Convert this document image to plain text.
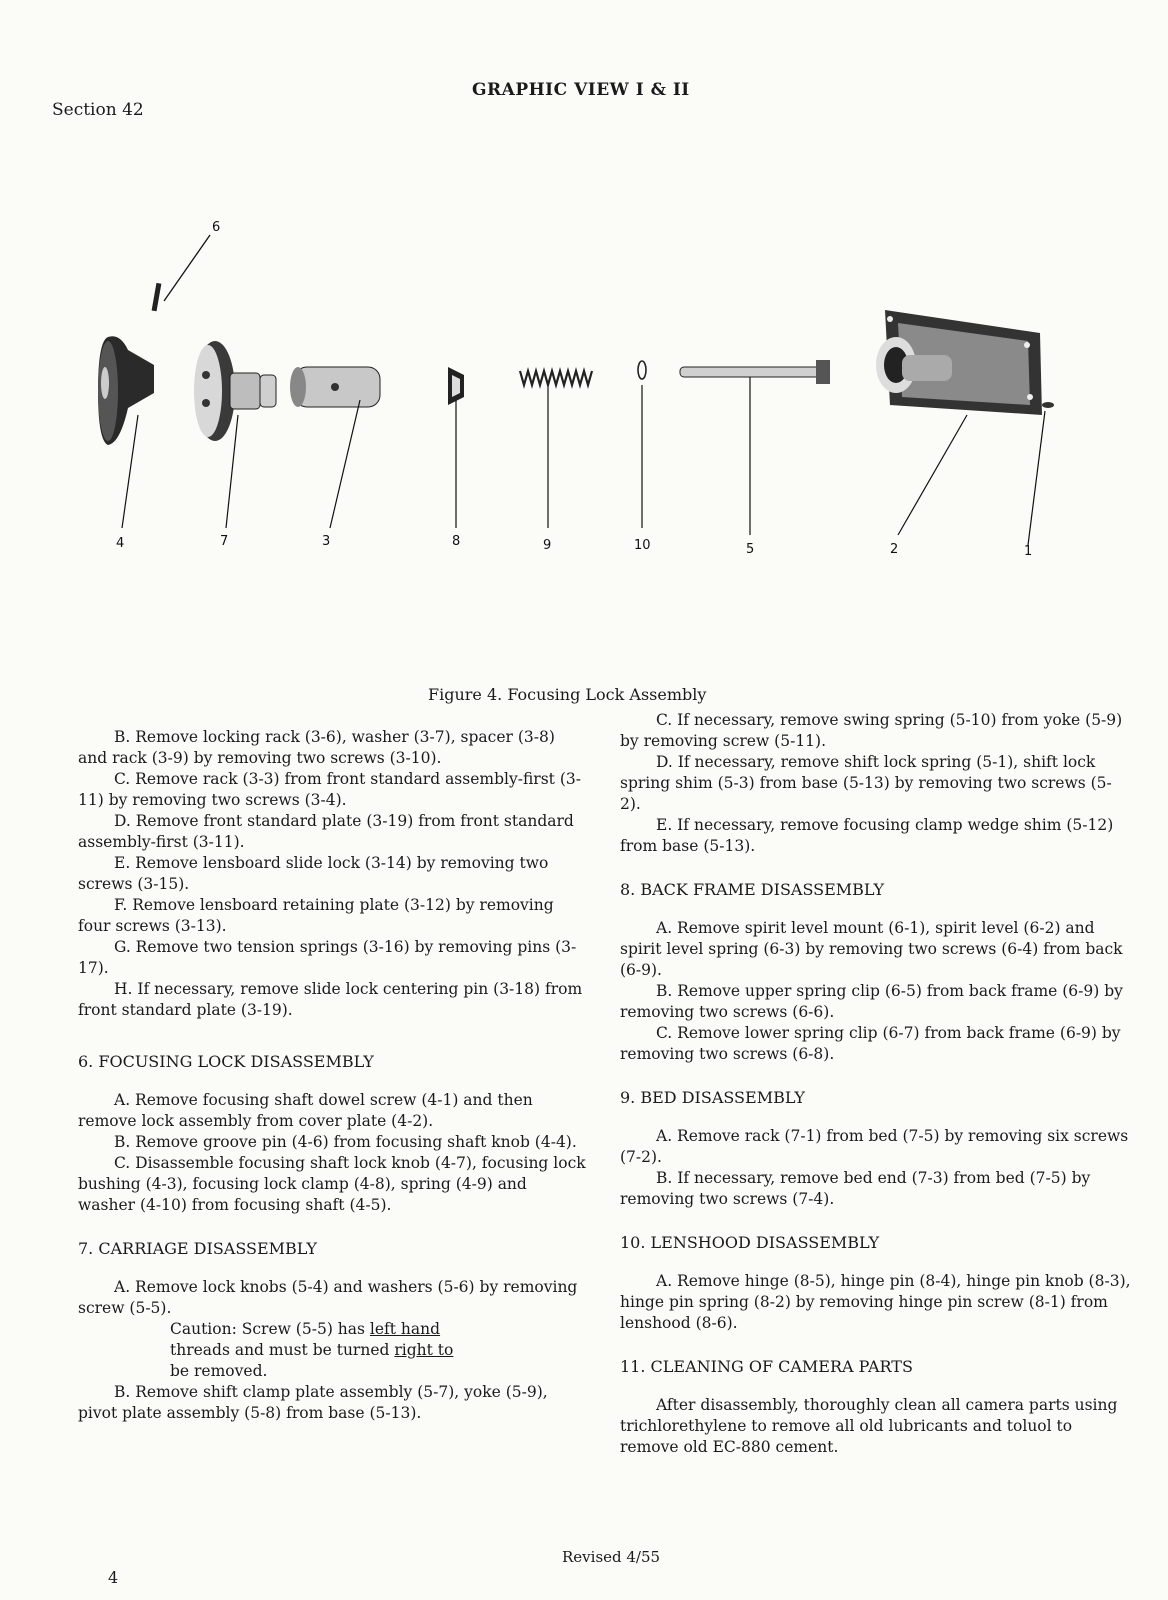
Section 42
GRAPHIC VIEW I & II
6
4	7	3	8	9	10	5	2	1
Figure 4. Focusing Lock Assembly

B. Remove locking rack (3-6), washer (3-7), spacer (3-8) and rack (3-9) by removing two screws (3-10).

C. Remove rack (3-3) from front standard assembly-first (3-11) by removing two screws (3-4).

D. Remove front standard plate (3-19) from front standard assembly-first (3-11).

E. Remove lensboard slide lock (3-14) by removing two screws (3-15).

F. Remove lensboard retaining plate (3-12) by removing four screws (3-13).

G. Remove two tension springs (3-16) by removing pins (3-17).

H. If necessary, remove slide lock centering pin (3-18) from front standard plate (3-19).

6. FOCUSING LOCK DISASSEMBLY

A. Remove focusing shaft dowel screw (4-1) and then remove lock assembly from cover plate (4-2).

B. Remove groove pin (4-6) from focusing shaft knob (4-4).

C. Disassemble focusing shaft lock knob (4-7), focusing lock bushing (4-3), focusing lock clamp (4-8), spring (4-9) and washer (4-10) from focusing shaft (4-5).

7. CARRIAGE DISASSEMBLY

A. Remove lock knobs (5-4) and washers (5-6) by removing screw (5-5).

Caution: Screw (5-5) has left hand
threads and must be turned right to
be removed.

B. Remove shift clamp plate assembly (5-7), yoke (5-9), pivot plate assembly (5-8) from base (5-13).

C. If necessary, remove swing spring (5-10) from yoke (5-9) by removing screw (5-11).

D. If necessary, remove shift lock spring (5-1), shift lock spring shim (5-3) from base (5-13) by removing two screws (5-2).

E. If necessary, remove focusing clamp wedge shim (5-12) from base (5-13).

8. BACK FRAME DISASSEMBLY

A. Remove spirit level mount (6-1), spirit level (6-2) and spirit level spring (6-3) by removing two screws (6-4) from back (6-9).

B. Remove upper spring clip (6-5) from back frame (6-9) by removing two screws (6-6).

C. Remove lower spring clip (6-7) from back frame (6-9) by removing two screws (6-8).

9. BED DISASSEMBLY

A. Remove rack (7-1) from bed (7-5) by removing six screws (7-2).

B. If necessary, remove bed end (7-3) from bed (7-5) by removing two screws (7-4).

10. LENSHOOD DISASSEMBLY

A. Remove hinge (8-5), hinge pin (8-4), hinge pin knob (8-3), hinge pin spring (8-2) by removing hinge pin screw (8-1) from lenshood (8-6).

11. CLEANING OF CAMERA PARTS

After disassembly, thoroughly clean all camera parts using trichlorethylene to remove all old lubricants and toluol to remove old EC-880 cement.

Revised 4/55
4
